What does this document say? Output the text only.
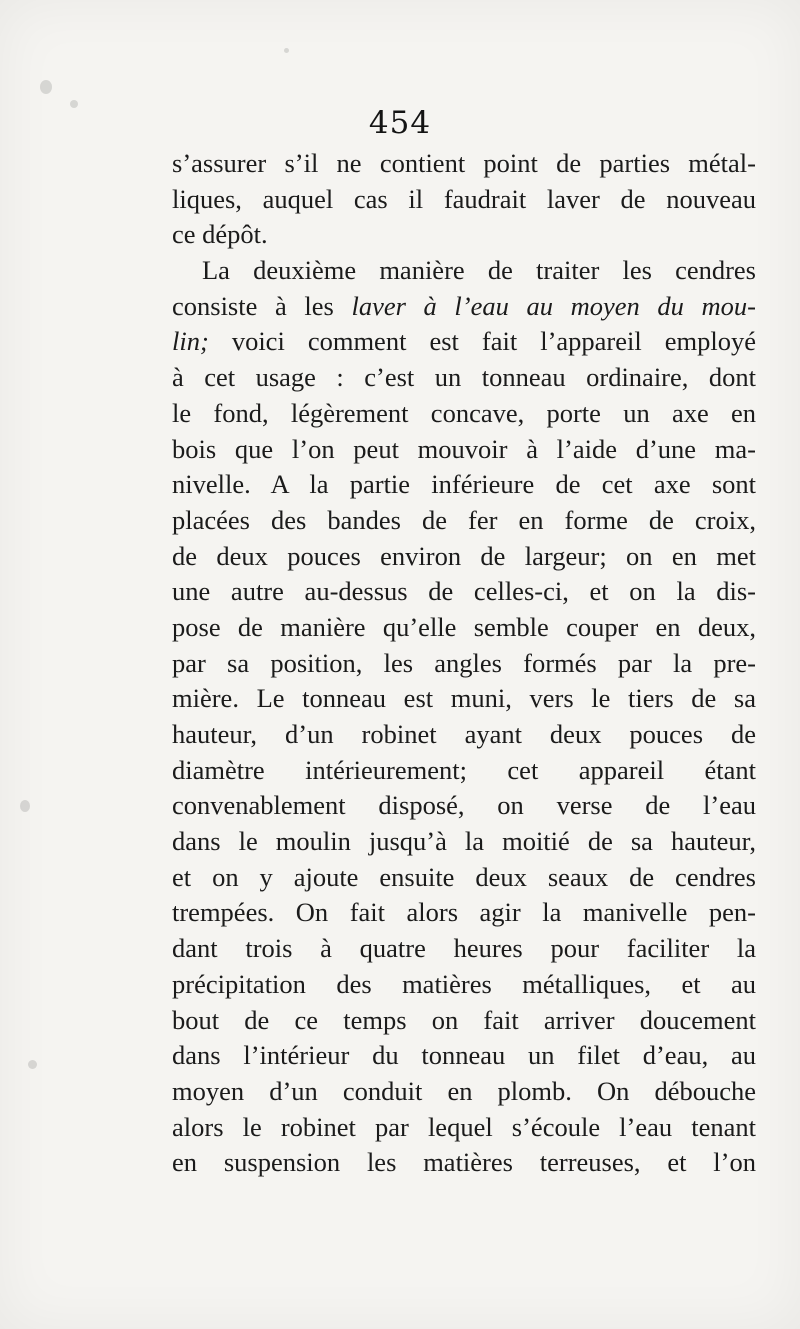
454
s’assurer s’il ne contient point de parties métal-
liques, auquel cas il faudrait laver de nouveau
ce dépôt.
La deuxième manière de traiter les cendres
consiste à les laver à l’eau au moyen du mou-
lin; voici comment est fait l’appareil employé
à cet usage : c’est un tonneau ordinaire, dont
le fond, légèrement concave, porte un axe en
bois que l’on peut mouvoir à l’aide d’une ma-
nivelle. A la partie inférieure de cet axe sont
placées des bandes de fer en forme de croix,
de deux pouces environ de largeur; on en met
une autre au-dessus de celles-ci, et on la dis-
pose de manière qu’elle semble couper en deux,
par sa position, les angles formés par la pre-
mière. Le tonneau est muni, vers le tiers de sa
hauteur, d’un robinet ayant deux pouces de
diamètre intérieurement; cet appareil étant
convenablement disposé, on verse de l’eau
dans le moulin jusqu’à la moitié de sa hauteur,
et on y ajoute ensuite deux seaux de cendres
trempées. On fait alors agir la manivelle pen-
dant trois à quatre heures pour faciliter la
précipitation des matières métalliques, et au
bout de ce temps on fait arriver doucement
dans l’intérieur du tonneau un filet d’eau, au
moyen d’un conduit en plomb. On débouche
alors le robinet par lequel s’écoule l’eau tenant
en suspension les matières terreuses, et l’on
